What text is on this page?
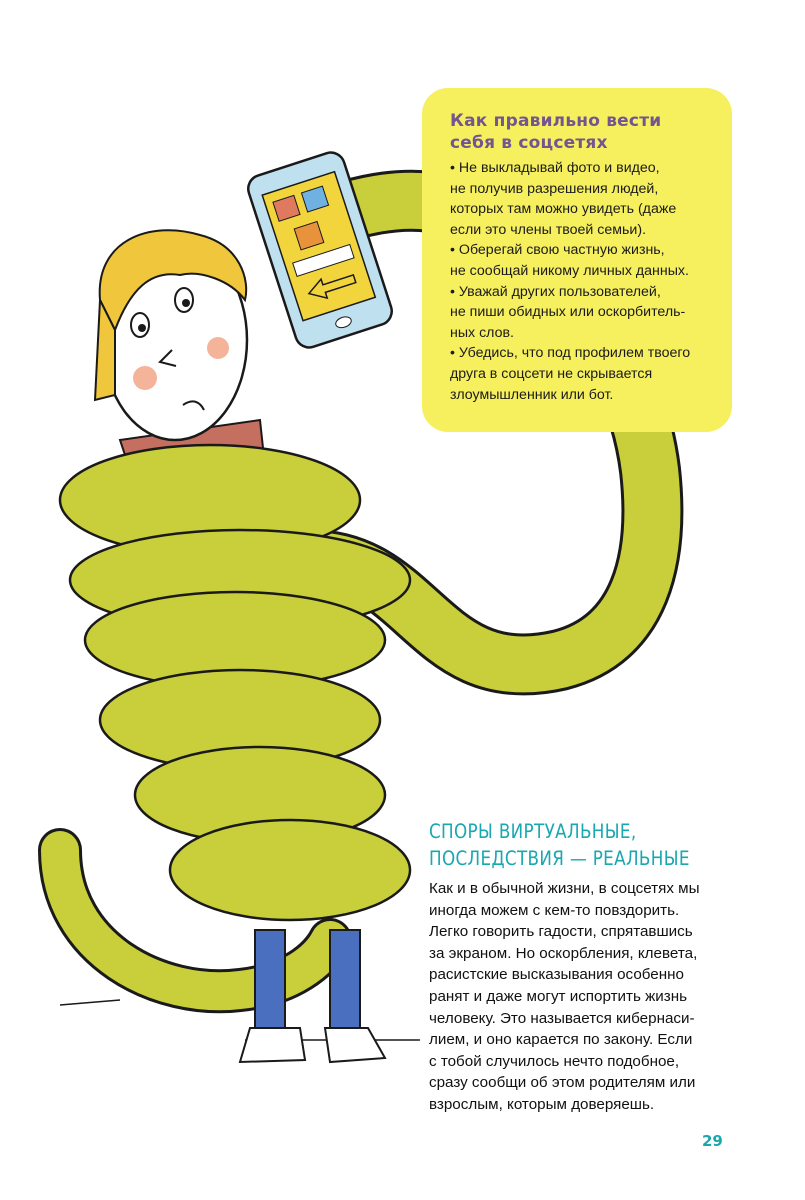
Как правильно вести
себя в соцсетях

• Не выкладывай фото и видео,
не получив разрешения людей,
которых там можно увидеть (даже
если это члены твоей семьи).
• Оберегай свою частную жизнь,
не сообщай никому личных данных.
• Уважай других пользователей,
не пиши обидных или оскорбитель-
ных слов.
• Убедись, что под профилем твоего
друга в соцсети не скрывается
злоумышленник или бот.

СПОРЫ ВИРТУАЛЬНЫЕ,
ПОСЛЕДСТВИЯ — РЕАЛЬНЫЕ

Как и в обычной жизни, в соцсетях мы
иногда можем с кем-то повздорить.
Легко говорить гадости, спрятавшись
за экраном. Но оскорбления, клевета,
расистские высказывания особенно
ранят и даже могут испортить жизнь
человеку. Это называется кибернаси-
лием, и оно карается по закону. Если
с тобой случилось нечто подобное,
сразу сообщи об этом родителям или
взрослым, которым доверяешь.

29
